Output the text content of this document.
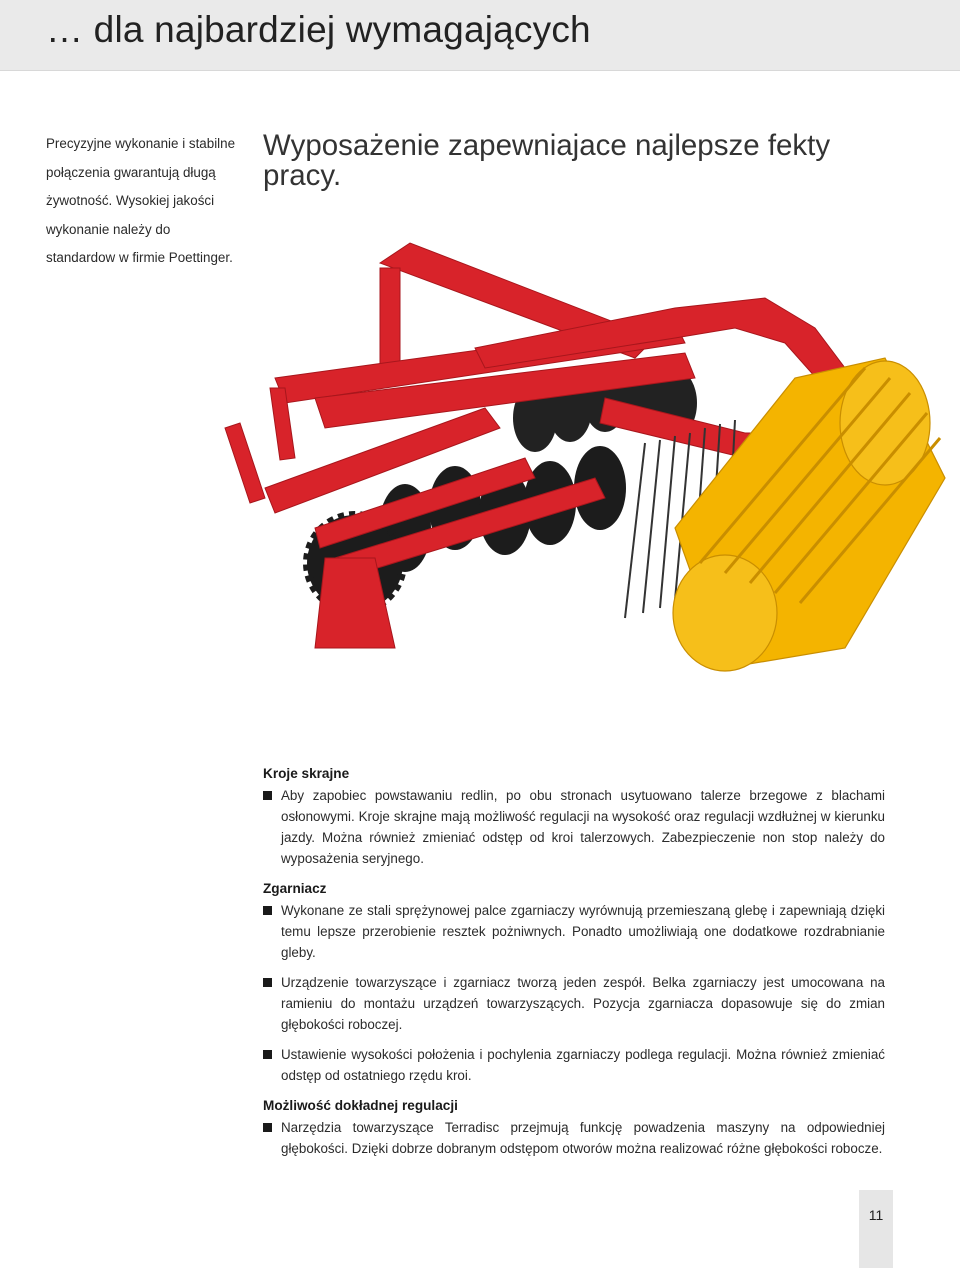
… dla najbardziej wymagających

Precyzyjne wykonanie i stabilne połączenia gwarantują długą żywotność. Wysokiej jakości wykonanie należy do standardow w firmie Poettinger.

Wyposażenie zapewniajace najlepsze fekty pracy.
SC 3000
Kroje skrajne
Aby zapobiec powstawaniu redlin, po obu stronach usytuowano talerze brzegowe z blachami osłonowymi. Kroje skrajne mają możliwość regulacji na wysokość oraz regulacji wzdłużnej w kierunku jazdy. Można również zmieniać odstęp od kroi talerzowych. Zabezpieczenie non stop należy do wyposażenia seryjnego.
Zgarniacz
Wykonane ze stali sprężynowej palce zgarniaczy wyrównują przemieszaną glebę i zapewniają dzięki temu lepsze przerobienie resztek pożniwnych. Ponadto umożliwiają one dodatkowe rozdrabnianie gleby.
Urządzenie towarzyszące i zgarniacz tworzą jeden zespół. Belka zgarniaczy jest umocowana na ramieniu do montażu urządzeń towarzyszących. Pozycja zgarniacza dopasowuje się do zmian głębokości roboczej.
Ustawienie wysokości położenia i pochylenia zgarniaczy podlega regulacji. Można również zmieniać odstęp od ostatniego rzędu kroi.
Możliwość dokładnej regulacji
Narzędzia towarzyszące Terradisc przejmują funkcję powadzenia maszyny na odpowiedniej głębokości. Dzięki dobrze dobranym odstępom otworów można realizować różne głębokości robocze.
11
